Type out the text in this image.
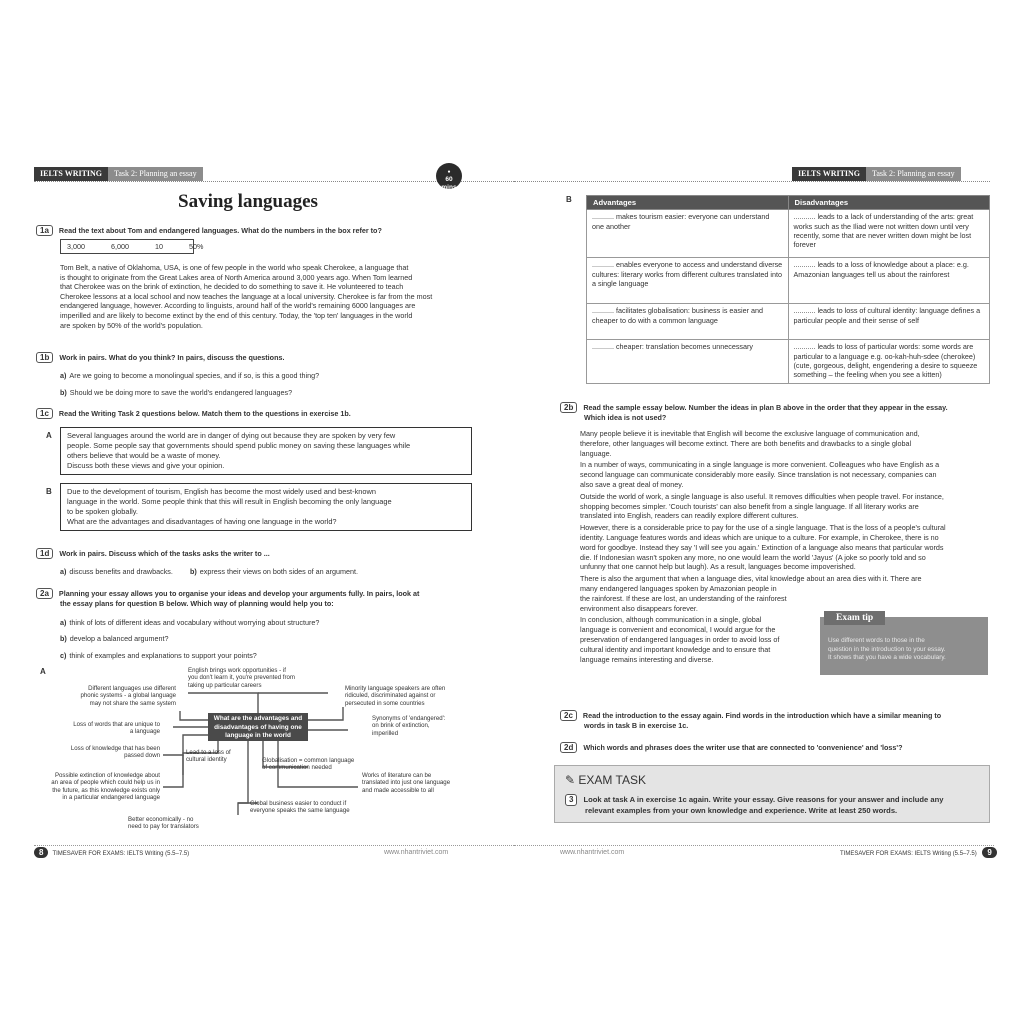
IELTS WRITING	Task 2: Planning an essay	●
60
mins
Saving languages
1a Read the text about Tom and endangered languages. What do the numbers in the box refer to?
3,000	6,000	10	50%
Tom Belt, a native of Oklahoma, USA, is one of few people in the world who speak Cherokee, a language that
is thought to originate from the Great Lakes area of North America around 3,000 years ago. When Tom learned
that Cherokee was on the brink of extinction, he decided to do something to save it. He volunteered to teach
Cherokee lessons at a local school and now teaches the language at a local university. Cherokee is far from the most
endangered language, however. According to linguists, around half of the world's remaining 6000 languages are
imperilled and are likely to become extinct by the end of this century. Today, the 'top ten' languages in the world
are spoken by 50% of the world's population.
1b Work in pairs. What do you think? In pairs, discuss the questions.
a) Are we going to become a monolingual species, and if so, is this a good thing?
b) Should we be doing more to save the world's endangered languages?
1c Read the Writing Task 2 questions below. Match them to the questions in exercise 1b.
A Several languages around the world are in danger of dying out because they are spoken by very few
people. Some people say that governments should spend public money on saving these languages while
others believe that would be a waste of money.
Discuss both these views and give your opinion.
B Due to the development of tourism, English has become the most widely used and best-known
language in the world. Some people think that this will result in English becoming the only language
to be spoken globally.
What are the advantages and disadvantages of having one language in the world?
1d Work in pairs. Discuss which of the tasks asks the writer to ...
a) discuss benefits and drawbacks. b) express their views on both sides of an argument.
2a Planning your essay allows you to organise your ideas and develop your arguments fully. In pairs, look at
the essay plans for question B below. Which way of planning would help you to:
a) think of lots of different ideas and vocabulary without worrying about structure?
b) develop a balanced argument?
c) think of examples and explanations to support your points?
A
What are the advantages and
disadvantages of having one
language in the world
English brings work opportunities - if
you don't learn it, you're prevented from
taking up particular careers
Different languages use different
phonic systems - a global language
may not share the same system
Loss of words that are unique to
a language
Loss of knowledge that has been
passed down
Possible extinction of knowledge about
an area of people which could help us in
the future, as this knowledge exists only
in a particular endangered language
Lead to a loss of
cultural identity
Better economically - no
need to pay for translators
Minority language speakers are often
ridiculed, discriminated against or
persecuted in some countries
Synonyms of 'endangered':
on brink of extinction,
imperilled
Globalisation = common language
of communication needed
Works of literature can be
translated into just one language
and made accessible to all
Global business easier to conduct if
everyone speaks the same language
8 TIMESAVER FOR EXAMS: IELTS Writing (5.5–7.5)	www.nhantriviet.com
IELTS WRITING	Task 2: Planning an essay
B	Advantages	Disadvantages
........... makes tourism easier: everyone can understand one another	........... leads to a lack of understanding of the arts: great works such as the Iliad were not written down until very recently, some that are never written down might be lost forever
........... enables everyone to access and understand diverse cultures: literary works from different cultures translated into a single language	........... leads to a loss of knowledge about a place: e.g. Amazonian languages tell us about the rainforest
........... facilitates globalisation: business is easier and cheaper to do with a common language	........... leads to loss of cultural identity: language defines a particular people and their sense of self
........... cheaper: translation becomes unnecessary	........... leads to loss of particular words: some words are particular to a language e.g. oo-kah-huh-sdee (cherokee) (cute, gorgeous, delight, engendering a desire to squeeze something – the feeling when you see a kitten)
2b Read the sample essay below. Number the ideas in plan B above in the order that they appear in the essay.
Which idea is not used?
Many people believe it is inevitable that English will become the exclusive language of communication and,
therefore, other languages will become extinct. There are both benefits and drawbacks to a single global
language.
In a number of ways, communicating in a single language is more convenient. Colleagues who have English as a
second language can communicate considerably more easily. Since translation is not necessary, companies can
also save a great deal of money.
Outside the world of work, a single language is also useful. It removes difficulties when people travel. For instance,
shopping becomes simpler. 'Couch tourists' can also benefit from a single language. If all literary works are
translated into English, readers can readily explore different cultures.
However, there is a considerable price to pay for the use of a single language. That is the loss of a people's cultural
identity. Language features words and ideas which are unique to a culture. For example, in Cherokee, there is no
word for goodbye. Instead they say 'I will see you again.' Extinction of a language also means that particular words
die. If Indonesian wasn't spoken any more, no one would learn the world 'Jayus' (A joke so poorly told and so
unfunny that one cannot help but laugh). As a result, languages become impoverished.
There is also the argument that when a language dies, vital knowledge about an area dies with it. There are
many endangered languages spoken by Amazonian people in
the rainforest. If these are lost, an understanding of the rainforest
environment also disappears forever.
In conclusion, although communication in a single, global
language is convenient and economical, I would argue for the
preservation of endangered languages in order to avoid loss of
cultural identity and important knowledge and to ensure that
language remains interesting and diverse.
Use different words to those in the
question in the introduction to your essay.
It shows that you have a wide vocabulary.
Exam tip
2c Read the introduction to the essay again. Find words in the introduction which have a similar meaning to
words in task B in exercise 1c.
2d Which words and phrases does the writer use that are connected to 'convenience' and 'loss'?
✎ EXAM TASK
3 Look at task A in exercise 1c again. Write your essay. Give reasons for your answer and include any
relevant examples from your own knowledge and experience. Write at least 250 words.
www.nhantriviet.com	TIMESAVER FOR EXAMS: IELTS Writing (5.5–7.5) 9
